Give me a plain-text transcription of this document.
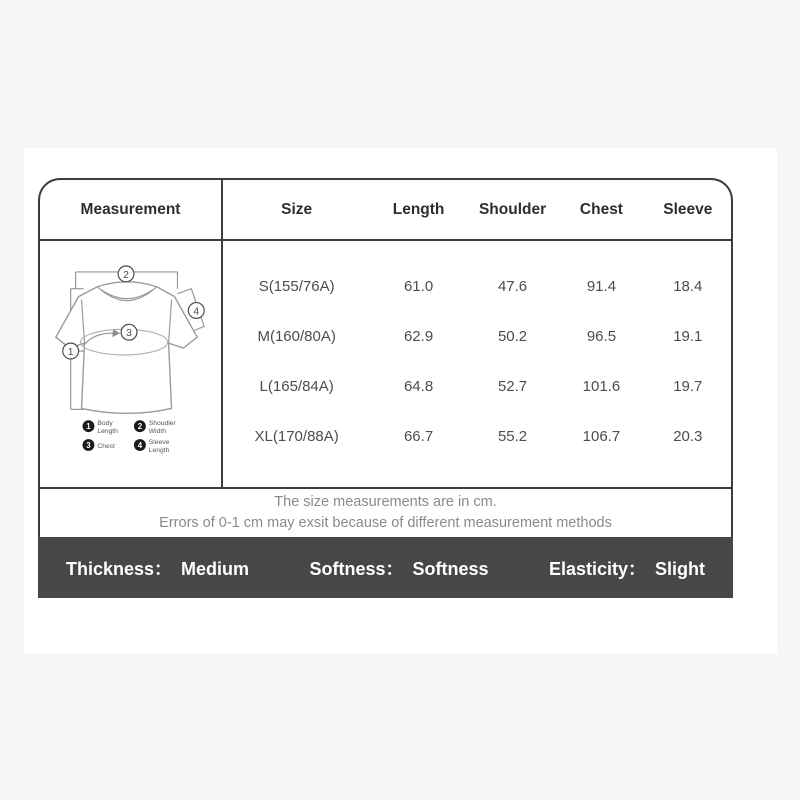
Measurement
2
4
3
1
1 Body
Length
2 Shoudler
Width
3 Chest	4 Sleeve
Length
Size	Length	Shoulder	Chest	Sleeve
S(155/76A)	61.0	47.6	91.4	18.4
M(160/80A)	62.9	50.2	96.5	19.1
L(165/84A)	64.8	52.7	101.6	19.7
XL(170/88A)	66.7	55.2	106.7	20.3
The size measurements are in cm.
Errors of 0-1 cm may exsit because of different measurement methods
Thickness： Medium	Softness： Softness	Elasticity： Slight
